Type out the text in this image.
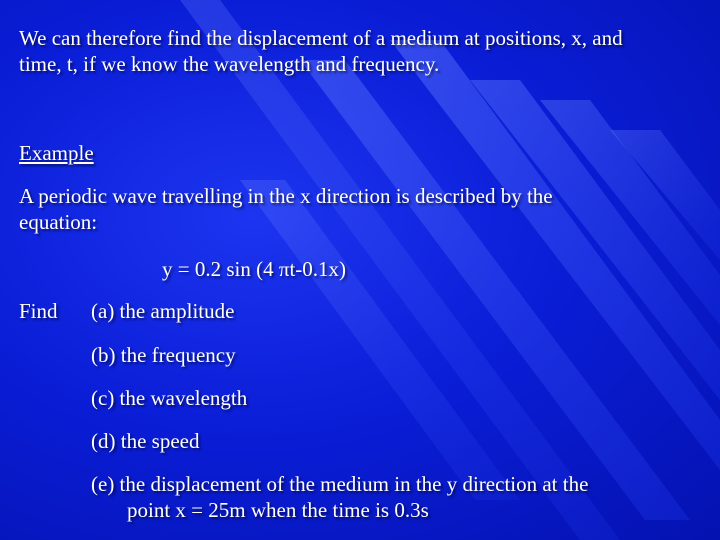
We can therefore find the displacement of a medium at positions, x, and
time, t, if we know the wavelength and frequency.
Example
A periodic wave travelling in the x direction is described by the
equation:
y = 0.2 sin (4 πt-0.1x)
Find (a) the amplitude
(b) the frequency
(c) the wavelength
(d) the speed
(e) the displacement of the medium in the y direction at the
point x = 25m when the time is 0.3s
